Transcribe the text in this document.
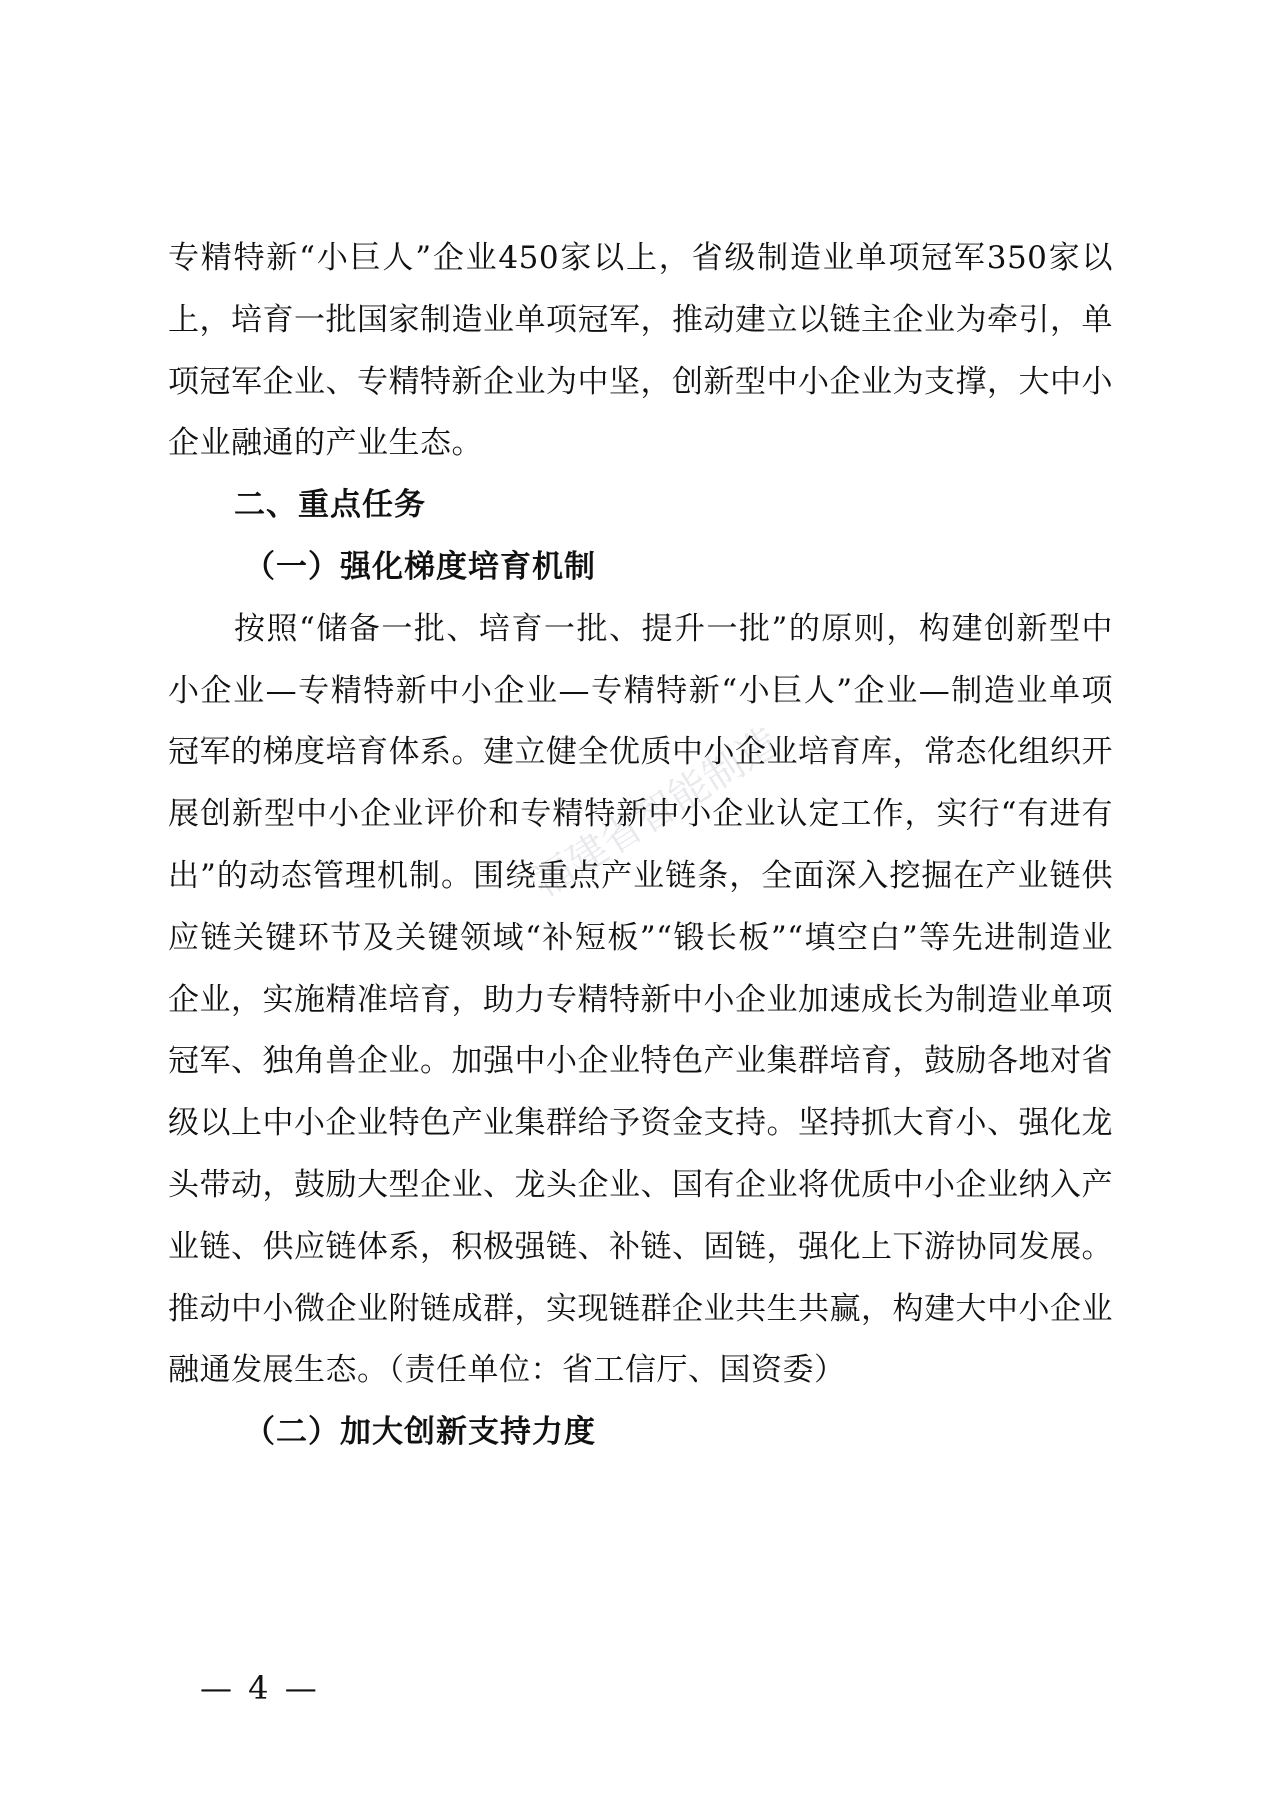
福建省智能制造

专精特新“小巨人”企业450家以上，省级制造业单项冠军350家以上，培育一批国家制造业单项冠军，推动建立以链主企业为牵引，单项冠军企业、专精特新企业为中坚，创新型中小企业为支撑，大中小企业融通的产业生态。

二、重点任务

（一）强化梯度培育机制

按照“储备一批、培育一批、提升一批”的原则，构建创新型中小企业—专精特新中小企业—专精特新“小巨人”企业—制造业单项冠军的梯度培育体系。建立健全优质中小企业培育库，常态化组织开展创新型中小企业评价和专精特新中小企业认定工作，实行“有进有出”的动态管理机制。围绕重点产业链条，全面深入挖掘在产业链供应链关键环节及关键领域“补短板”“锻长板”“填空白”等先进制造业企业，实施精准培育，助力专精特新中小企业加速成长为制造业单项冠军、独角兽企业。加强中小企业特色产业集群培育，鼓励各地对省级以上中小企业特色产业集群给予资金支持。坚持抓大育小、强化龙头带动，鼓励大型企业、龙头企业、国有企业将优质中小企业纳入产业链、供应链体系，积极强链、补链、固链，强化上下游协同发展。推动中小微企业附链成群，实现链群企业共生共赢，构建大中小企业融通发展生态。（责任单位：省工信厅、国资委）

（二）加大创新支持力度

— 4 —
